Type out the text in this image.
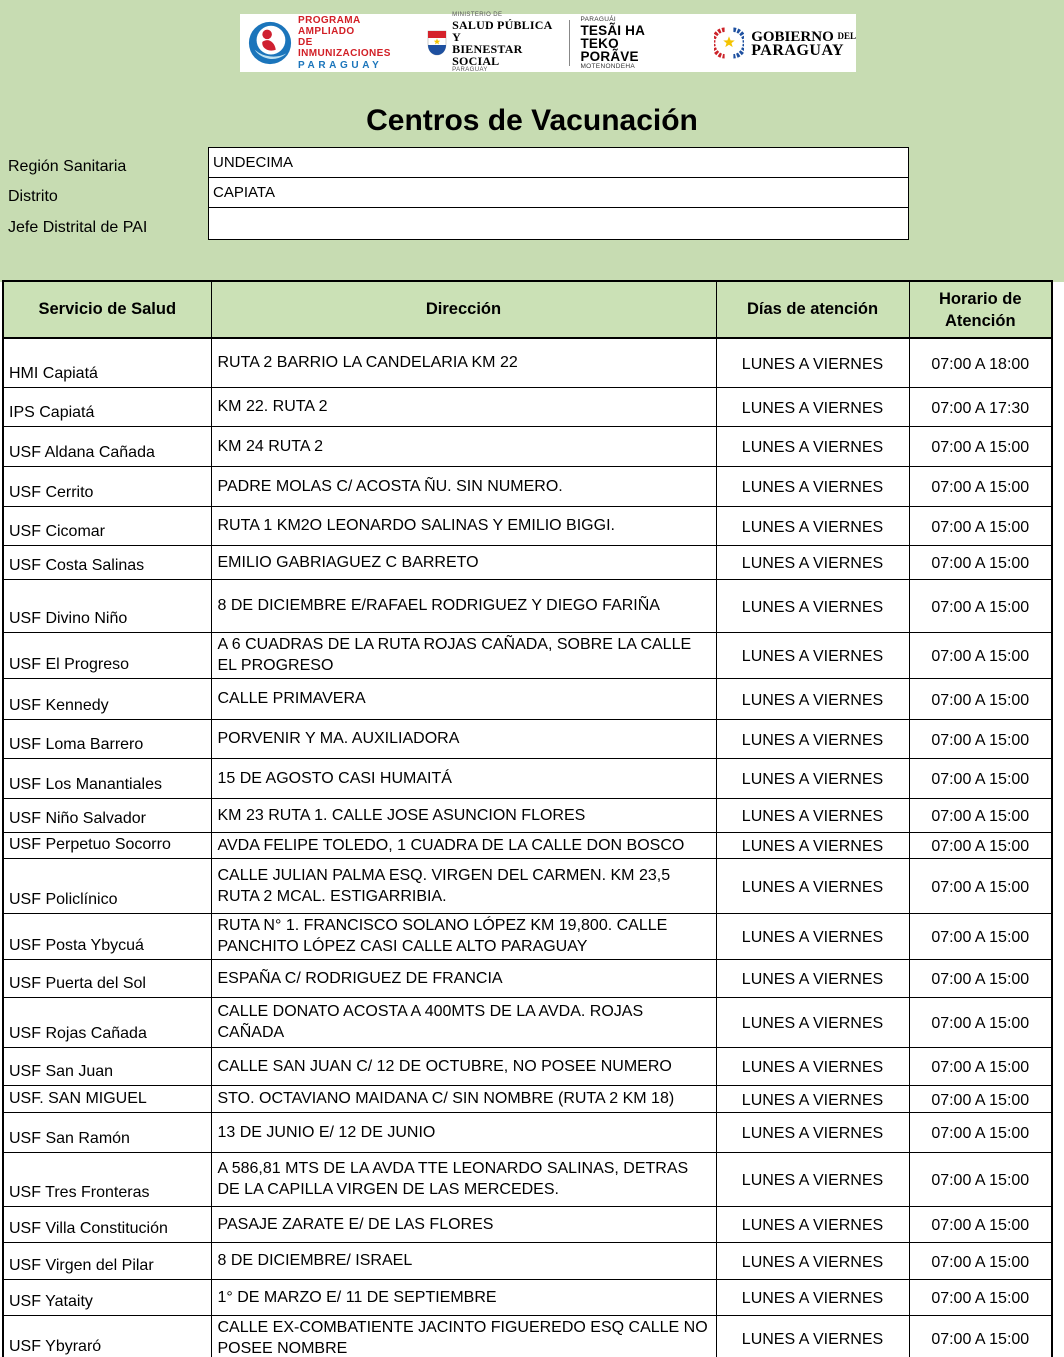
PROGRAMA AMPLIADO
DE INMUNIZACIONES
PARAGUAY
MINISTERIO DE
SALUD PÚBLICA Y
BIENESTAR SOCIAL
PARAGUAY
PARAGUÁI
TESÃI HA TEKO
PORÃVE
MOTENONDEHA
GOBIERNO DEL
PARAGUAY
Centros de Vacunación
Región Sanitaria	UNDECIMA
Distrito	CAPIATA
Jefe Distrital de PAI
Servicio de Salud	Dirección	Días de atención	Horario de Atención
HMI Capiatá	RUTA 2 BARRIO LA CANDELARIA KM 22	LUNES A VIERNES	07:00 A 18:00
IPS Capiatá	KM 22. RUTA 2	LUNES A VIERNES	07:00 A 17:30
USF Aldana Cañada	KM 24 RUTA 2	LUNES A VIERNES	07:00 A 15:00
USF Cerrito	PADRE MOLAS C/ ACOSTA ÑU. SIN NUMERO.	LUNES A VIERNES	07:00 A 15:00
USF Cicomar	RUTA 1 KM2O LEONARDO SALINAS Y EMILIO BIGGI.	LUNES A VIERNES	07:00 A 15:00
USF Costa Salinas	EMILIO GABRIAGUEZ C BARRETO	LUNES A VIERNES	07:00 A 15:00
USF Divino Niño	8 DE DICIEMBRE E/RAFAEL RODRIGUEZ Y DIEGO FARIÑA	LUNES A VIERNES	07:00 A 15:00
USF El Progreso	A 6 CUADRAS DE LA RUTA ROJAS CAÑADA, SOBRE LA CALLE EL PROGRESO	LUNES A VIERNES	07:00 A 15:00
USF Kennedy	CALLE PRIMAVERA	LUNES A VIERNES	07:00 A 15:00
USF Loma Barrero	PORVENIR Y MA. AUXILIADORA	LUNES A VIERNES	07:00 A 15:00
USF Los Manantiales	15 DE AGOSTO CASI HUMAITÁ	LUNES A VIERNES	07:00 A 15:00
USF Niño Salvador	KM 23 RUTA 1. CALLE JOSE ASUNCION FLORES	LUNES A VIERNES	07:00 A 15:00
USF Perpetuo Socorro	AVDA FELIPE TOLEDO, 1 CUADRA DE LA CALLE DON BOSCO	LUNES A VIERNES	07:00 A 15:00
USF Policlínico	CALLE JULIAN PALMA ESQ. VIRGEN DEL CARMEN. KM 23,5 RUTA 2 MCAL. ESTIGARRIBIA.	LUNES A VIERNES	07:00 A 15:00
USF Posta Ybycuá	RUTA N° 1. FRANCISCO SOLANO LÓPEZ KM 19,800. CALLE PANCHITO LÓPEZ CASI CALLE ALTO PARAGUAY	LUNES A VIERNES	07:00 A 15:00
USF Puerta del Sol	ESPAÑA C/ RODRIGUEZ DE FRANCIA	LUNES A VIERNES	07:00 A 15:00
USF Rojas Cañada	CALLE DONATO ACOSTA A 400MTS DE LA AVDA. ROJAS CAÑADA	LUNES A VIERNES	07:00 A 15:00
USF San Juan	CALLE SAN JUAN C/ 12 DE OCTUBRE, NO POSEE NUMERO	LUNES A VIERNES	07:00 A 15:00
USF. SAN MIGUEL	STO. OCTAVIANO MAIDANA C/ SIN NOMBRE (RUTA 2 KM 18)	LUNES A VIERNES	07:00 A 15:00
USF San Ramón	13 DE JUNIO E/ 12 DE JUNIO	LUNES A VIERNES	07:00 A 15:00
USF Tres Fronteras	A 586,81 MTS DE LA AVDA TTE LEONARDO SALINAS, DETRAS DE LA CAPILLA VIRGEN DE LAS MERCEDES.	LUNES A VIERNES	07:00 A 15:00
USF Villa Constitución	PASAJE ZARATE E/ DE LAS FLORES	LUNES A VIERNES	07:00 A 15:00
USF Virgen del Pilar	8 DE DICIEMBRE/ ISRAEL	LUNES A VIERNES	07:00 A 15:00
USF Yataity	1° DE MARZO E/ 11 DE SEPTIEMBRE	LUNES A VIERNES	07:00 A 15:00
USF Ybyraró	CALLE EX-COMBATIENTE JACINTO FIGUEREDO ESQ CALLE NO POSEE NOMBRE	LUNES A VIERNES	07:00 A 15:00
